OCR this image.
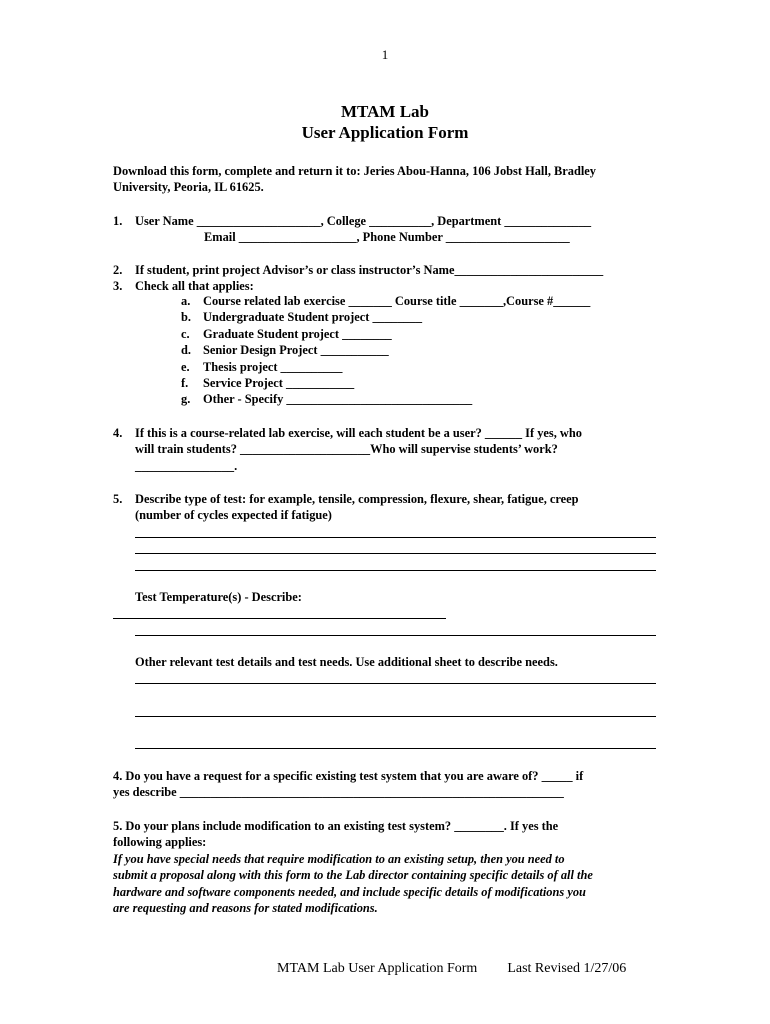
1
MTAM Lab
User Application Form
Download this form, complete and return it to: Jeries Abou-Hanna, 106 Jobst Hall, Bradley
University, Peoria, IL 61625.
1. User Name ____________________, College __________, Department ______________
Email ___________________, Phone Number ____________________
2. If student, print project Advisor’s or class instructor’s Name________________________
3. Check all that applies:
a. Course related lab exercise _______ Course title _______,Course #______
b. Undergraduate Student project ________
c. Graduate Student project ________
d. Senior Design Project ___________
e. Thesis project __________
f. Service Project ___________
g. Other - Specify ______________________________
4. If this is a course-related lab exercise, will each student be a user? ______ If yes, who
will train students? _____________________Who will supervise students’ work?
________________.
5. Describe type of test: for example, tensile, compression, flexure, shear, fatigue, creep
(number of cycles expected if fatigue)
Test Temperature(s) - Describe:
Other relevant test details and test needs. Use additional sheet to describe needs.
4. Do you have a request for a specific existing test system that you are aware of? _____ if
yes describe ______________________________________________________________
5. Do your plans include modification to an existing test system? ________. If yes the
following applies:
If you have special needs that require modification to an existing setup, then you need to
submit a proposal along with this form to the Lab director containing specific details of all the
hardware and software components needed, and include specific details of modifications you
are requesting and reasons for stated modifications.
MTAM Lab User Application Form Last Revised 1/27/06
